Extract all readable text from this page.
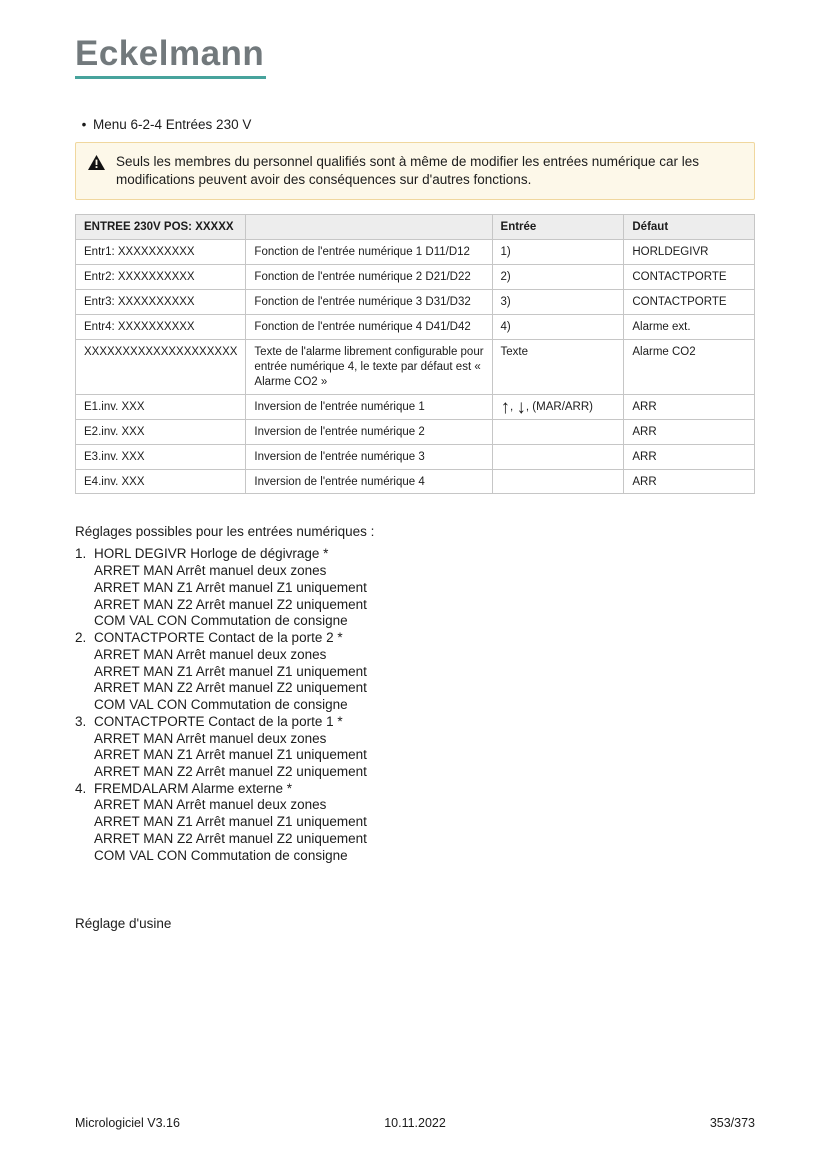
Eckelmann
• Menu 6-2-4 Entrées 230 V
Seuls les membres du personnel qualifiés sont à même de modifier les entrées numérique car les modifications peuvent avoir des conséquences sur d'autres fonctions.
ENTREE 230V POS: XXXXX		Entrée	Défaut
Entr1: XXXXXXXXXX	Fonction de l'entrée numérique 1 D11/D12	1)	HORLDEGIVR
Entr2: XXXXXXXXXX	Fonction de l'entrée numérique 2 D21/D22	2)	CONTACTPORTE
Entr3: XXXXXXXXXX	Fonction de l'entrée numérique 3 D31/D32	3)	CONTACTPORTE
Entr4: XXXXXXXXXX	Fonction de l'entrée numérique 4 D41/D42	4)	Alarme ext.
XXXXXXXXXXXXXXXXXXXX	Texte de l'alarme librement configurable pour entrée numérique 4, le texte par défaut est « Alarme CO2 »	Texte	Alarme CO2
E1.inv. XXX	Inversion de l'entrée numérique 1	↑, ↓, (MAR/ARR)	ARR
E2.inv. XXX	Inversion de l'entrée numérique 2		ARR
E3.inv. XXX	Inversion de l'entrée numérique 3		ARR
E4.inv. XXX	Inversion de l'entrée numérique 4		ARR
Réglages possibles pour les entrées numériques :
1. HORL DEGIVR Horloge de dégivrage *
ARRET MAN Arrêt manuel deux zones
ARRET MAN Z1 Arrêt manuel Z1 uniquement
ARRET MAN Z2 Arrêt manuel Z2 uniquement
COM VAL CON Commutation de consigne
2. CONTACTPORTE Contact de la porte 2 *
ARRET MAN Arrêt manuel deux zones
ARRET MAN Z1 Arrêt manuel Z1 uniquement
ARRET MAN Z2 Arrêt manuel Z2 uniquement
COM VAL CON Commutation de consigne
3. CONTACTPORTE Contact de la porte 1 *
ARRET MAN Arrêt manuel deux zones
ARRET MAN Z1 Arrêt manuel Z1 uniquement
ARRET MAN Z2 Arrêt manuel Z2 uniquement
4. FREMDALARM Alarme externe *
ARRET MAN Arrêt manuel deux zones
ARRET MAN Z1 Arrêt manuel Z1 uniquement
ARRET MAN Z2 Arrêt manuel Z2 uniquement
COM VAL CON Commutation de consigne
Réglage d'usine
Micrologiciel V3.16	10.11.2022	353/373
